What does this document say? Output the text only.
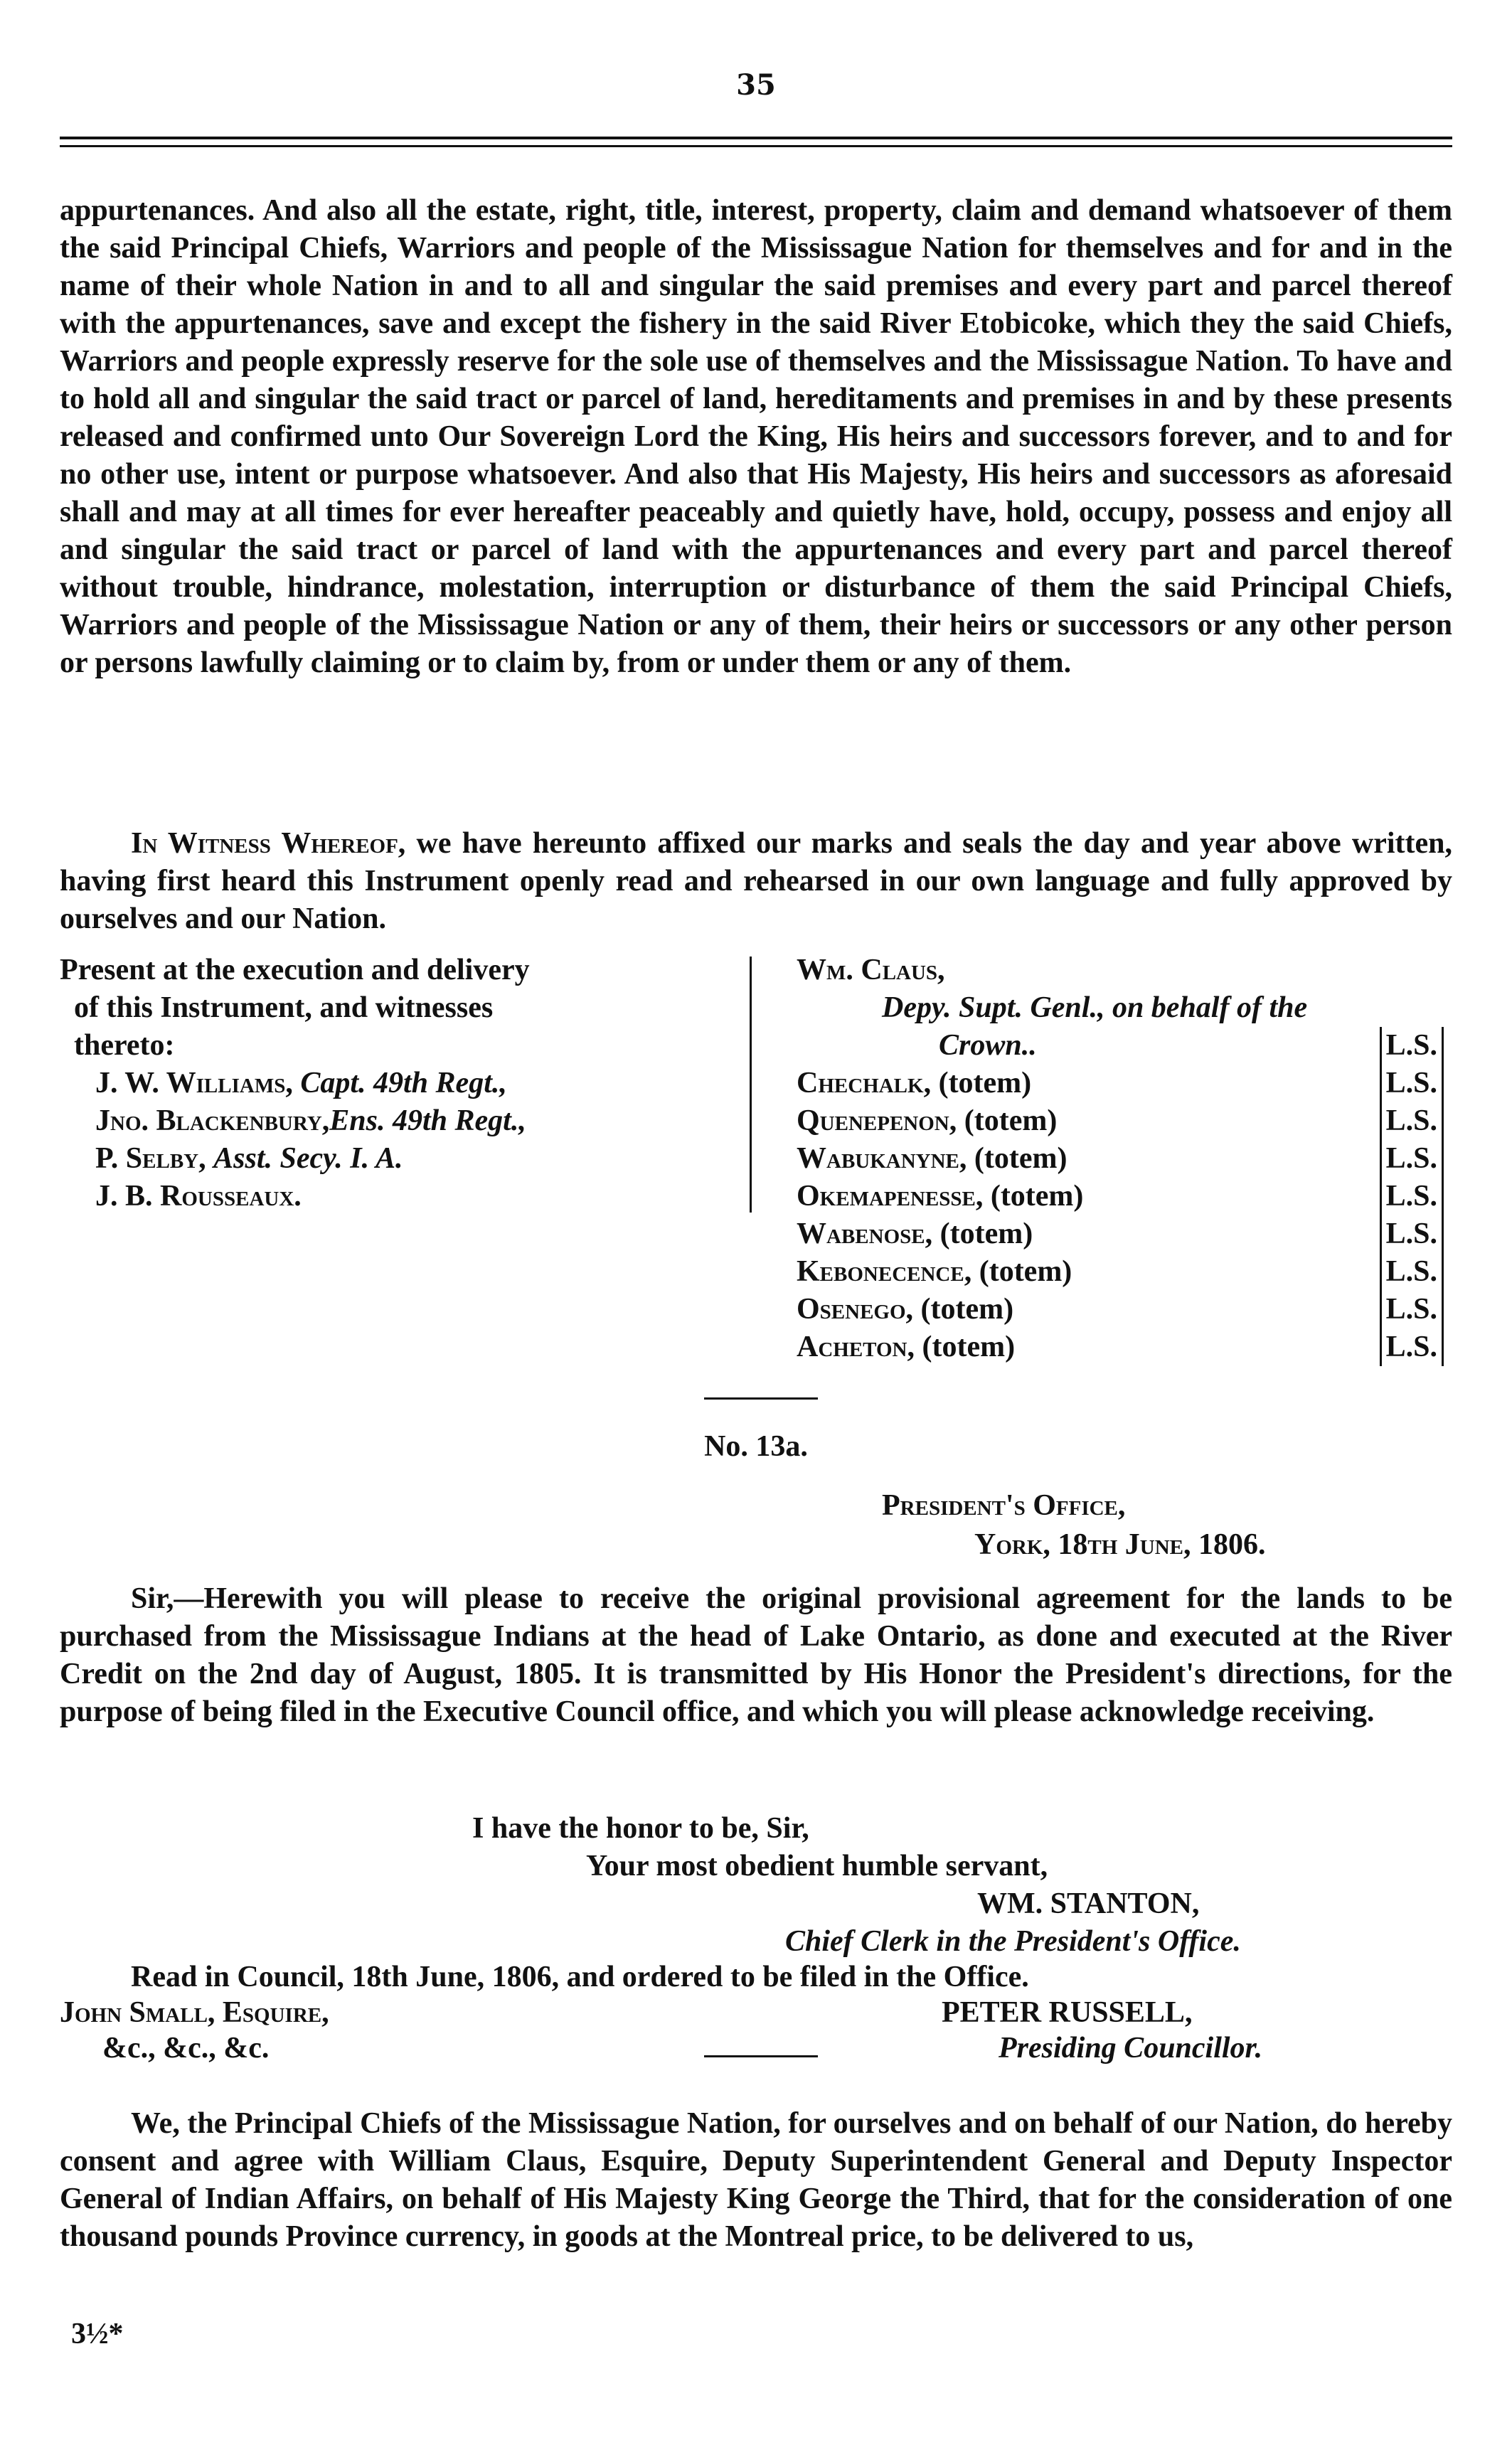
35

appurtenances. And also all the estate, right, title, interest, property, claim and demand whatsoever of them the said Principal Chiefs, Warriors and people of the Mississague Nation for themselves and for and in the name of their whole Nation in and to all and singular the said premises and every part and parcel thereof with the appurtenances, save and except the fishery in the said River Etobicoke, which they the said Chiefs, Warriors and people expressly reserve for the sole use of themselves and the Mississague Nation. To have and to hold all and singular the said tract or parcel of land, hereditaments and premises in and by these presents released and confirmed unto Our Sovereign Lord the King, His heirs and successors forever, and to and for no other use, intent or purpose whatsoever. And also that His Majesty, His heirs and successors as aforesaid shall and may at all times for ever hereafter peaceably and quietly have, hold, occupy, possess and enjoy all and singular the said tract or parcel of land with the appurtenances and every part and parcel thereof without trouble, hindrance, molestation, interruption or disturbance of them the said Principal Chiefs, Warriors and people of the Mississague Nation or any of them, their heirs or successors or any other person or persons lawfully claiming or to claim by, from or under them or any of them.

In Witness Whereof, we have hereunto affixed our marks and seals the day and year above written, having first heard this Instrument openly read and rehearsed in our own language and fully approved by ourselves and our Nation.

Present at the execution and delivery
of this Instrument, and witnesses
thereto:
J. W. Williams, Capt. 49th Regt.,
Jno. Blackenbury,Ens. 49th Regt.,
P. Selby, Asst. Secy. I. A.
J. B. Rousseaux.
Wm. Claus,
Depy. Supt. Genl., on behalf of the
Crown..	L.S.
Chechalk, (totem)	L.S.
Quenepenon, (totem)	L.S.
Wabukanyne, (totem)	L.S.
Okemapenesse, (totem)	L.S.
Wabenose, (totem)	L.S.
Kebonecence, (totem)	L.S.
Osenego, (totem)	L.S.
Acheton, (totem)	L.S.
No. 13a.
President's Office,
York, 18th June, 1806.

Sir,—Herewith you will please to receive the original provisional agreement for the lands to be purchased from the Mississague Indians at the head of Lake Ontario, as done and executed at the River Credit on the 2nd day of August, 1805. It is transmitted by His Honor the President's directions, for the purpose of being filed in the Executive Council office, and which you will please acknowledge receiving.

I have the honor to be, Sir,
Your most obedient humble servant,
WM. STANTON,
Chief Clerk in the President's Office.
Read in Council, 18th June, 1806, and ordered to be filed in the Office.
John Small, Esquire,	PETER RUSSELL,
&c., &c., &c.	Presiding Councillor.

We, the Principal Chiefs of the Mississague Nation, for ourselves and on behalf of our Nation, do hereby consent and agree with William Claus, Esquire, Deputy Superintendent General and Deputy Inspector General of Indian Affairs, on behalf of His Majesty King George the Third, that for the consideration of one thousand pounds Province currency, in goods at the Montreal price, to be delivered to us,

3½*
